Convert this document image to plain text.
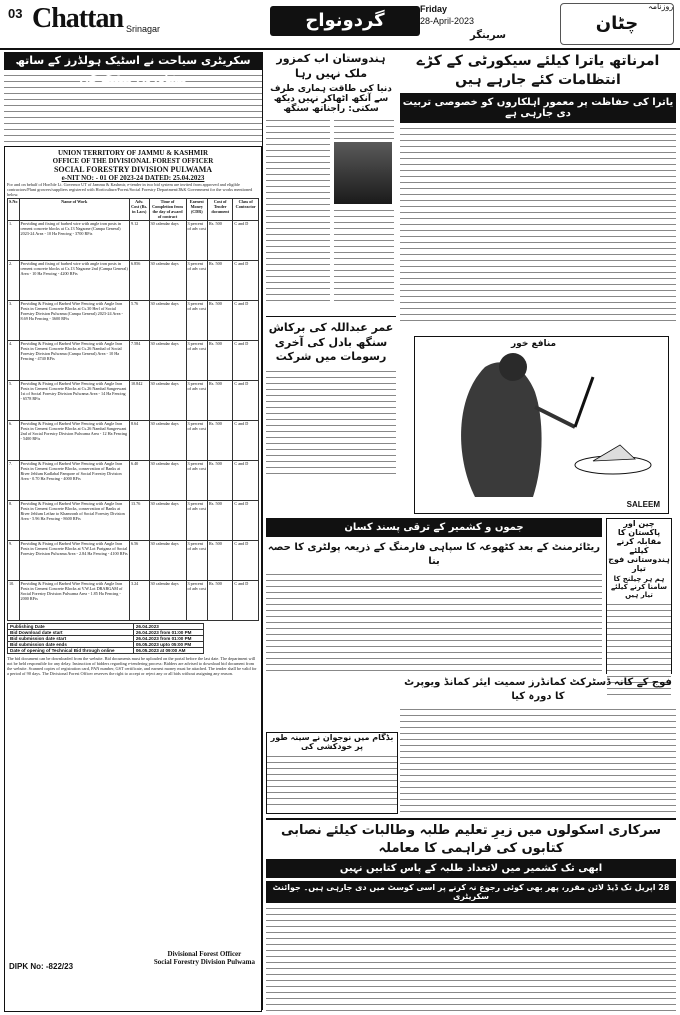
03 Chattan Srinagar	گردونواح
Friday
28-April-2023
سرینگر
چٹان
روزنامہ
سکریٹری سیاحت نے اسٹیک ہولڈرز کے ساتھ مشاورتی میٹنگ کی
UNION TERRITORY OF JAMMU & KASHMIR
OFFICE OF THE DIVISIONAL FOREST OFFICER
SOCIAL FORESTRY DIVISION PULWAMA
e-NIT NO: - 01 OF 2023-24 DATED: 25.04.2023
For and on behalf of Hon'ble Lt. Governor UT of Jammu & Kashmir, e-tender in two bid system are invited from approved and eligible contractors/Plant growers/suppliers registered with Horticulture/Forest/Social Forestry Department/J&K Government for the works mentioned below.
S.No	Name of Work	Adv. Cost (Rs. in Lacs)	Time of Completion from the day of award of contract	Earnest Money (CDR)	Cost of Tender document	Class of Contractor
1.	Providing and fixing of barbed wire with angle iron posts in cement concrete blocks at Cs.13 Nagaone (Campa General) 2023-24 Area - 10 Ha Fencing - 3700 RFts	9.12	30 calendar days	3 percent of adv cost	Rs. 500	C and D
2.	Providing and fixing of barbed wire with angle iron posts in cement concrete blocks at Cs.13 Nagaone 2nd (Campa General) Area - 10 Ha Fencing - 4200 RFts	6.856	30 calendar days	3 percent of adv cost	Rs. 500	C and D
3.	Providing & Fixing of Barbed Wire Fencing with Angle Iron Posts in Cement Concrete Blocks at Cs.30 Herl of Social Forestry Division Pulwama (Campa General) 2023-24 Area - 8.69 Ha Fencing - 3600 RFts	5.76	30 calendar days	3 percent of adv cost	Rs. 500	C and D
4.	Providing & Fixing of Barbed Wire Fencing with Angle Iron Posts in Cement Concrete Blocks at Cs.26 Nambal of Social Forestry Division Pulwama (Campa General) Area - 10 Ha Fencing - 4740 RFts	7.584	30 calendar days	3 percent of adv cost	Rs. 500	C and D
5.	Providing & Fixing of Barbed Wire Fencing with Angle Iron Posts in Cement Concrete Blocks at Cs.26 Nambal Sangerwani 1st of Social Forestry Division Pulwama Area - 14 Ha Fencing - 6578 RFts	10.842	30 calendar days	3 percent of adv cost	Rs. 500	C and D
6.	Providing & Fixing of Barbed Wire Fencing with Angle Iron Posts in Cement Concrete Blocks at Cs.26 Nambal Sangerwani 2nd of Social Forestry Division Pulwama Area - 12 Ha Fencing - 5400 RFts	8.64	30 calendar days	3 percent of adv cost	Rs. 500	C and D
7.	Providing & Fixing of Barbed Wire Fencing with Angle Iron Posts in Cement Concrete Blocks, conservation of Banks at River Jehlum Kadlabal Pampore of Social Forestry Division Area - 0.70 Ha Fencing - 4000 RFts	6.40	30 calendar days	3 percent of adv cost	Rs. 500	C and D
8.	Providing & Fixing of Barbed Wire Fencing with Angle Iron Posts in Cement Concrete Blocks, conservation of Banks at River Jehlum Lethar to Khamronh of Social Forestry Division Area - 5.96 Ha Fencing - 8600 RFts	13.76	30 calendar days	3 percent of adv cost	Rs. 500	C and D
9.	Providing & Fixing of Barbed Wire Fencing with Angle Iron Posts in Cement Concrete Blocks at V.W.Lot Pariganz of Social Forestry Division Pulwama Area - 2.84 Ha Fencing - 4100 RFts	6.56	30 calendar days	3 percent of adv cost	Rs. 500	C and D
10.	Providing & Fixing of Barbed Wire Fencing with Angle Iron Posts in Cement Concrete Blocks at V.W.Lot DRABGAM of Social Forestry Division Pulwama Area - 1.85 Ha Fencing - 2000 RFts	3.24	30 calendar days	3 percent of adv cost	Rs. 500	C and D
Publishing Date	26.04.2023
Bid Download date start	26.04.2023 from 01:00 PM
Bid submission date start	26.04.2023 from 01:00 PM
Bid submission date ends	05.05.2023 upto 05:00 PM
Date of opening of Technical Bid through online	06.05.2023 at 09:00 AM
The bid document can be downloaded from the website. Bid documents must be uploaded on the portal before the last date. The department will not be held responsible for any delay. Instruction of bidders regarding e-tendering process: Bidders are advised to download bid document from the website. Scanned copies of registration card, PAN number, GST certificate, and earnest money must be attached. The tender shall be valid for a period of 90 days. The Divisional Forest Officer reserves the right to accept or reject any or all bids without assigning any reason.
DIPK No: -822/23
Divisional Forest Officer
Social Forestry Division Pulwama
ہندوستان اب کمزور ملک نہیں رہا
دنیا کی طاقت ہماری طرف سے آنکھ اٹھاکر نہیں دیکھ سکتی: راجناتھ سنگھ
عمر عبداللہ کی برکاش سنگھ بادل کی آخری رسومات میں شرکت
منافع خور
SALEEM
امرناتھ یاترا کیلئے سیکورٹی کے کڑے انتظامات کئے جارہے ہیں
یاترا کی حفاظت پر معمور اہلکاروں کو خصوصی تربیت دی جارہی ہے
چین اور پاکستان کا مقابلہ کرنے کیلئے ہندوستانی فوج تیار
ہم ہر چیلنج کا سامنا کرنے کیلئے تیار ہیں
جموں و کشمیر کے ترقی پسند کسان
ریٹائرمنٹ کے بعد کٹھوعہ کا سپاہی فارمنگ کے ذریعہ پولٹری کا حصہ بنا
بڈگام میں نوجوان نے سینہ طور پر خودکشی کی
فوج کے کانہ ڈسٹرکٹ کمانڈرز سمیت ایئر کمانڈ ویوپرٹ کا دورہ کیا
سرکاری اسکولوں میں زیرِ تعلیم طلبہ وطالبات کیلئے نصابی کتابوں کی فراہمی کا معاملہ
ابھی تک کشمیر میں لاتعداد طلبہ کے پاس کتابیں نہیں
28 اپریل تک ڈیڈ لائن مقرر، پھر بھی کوئی رجوع نہ کرنے پر اسی کوسٹ میں دی جارہی ہیں۔ جوائنٹ سکریٹری
